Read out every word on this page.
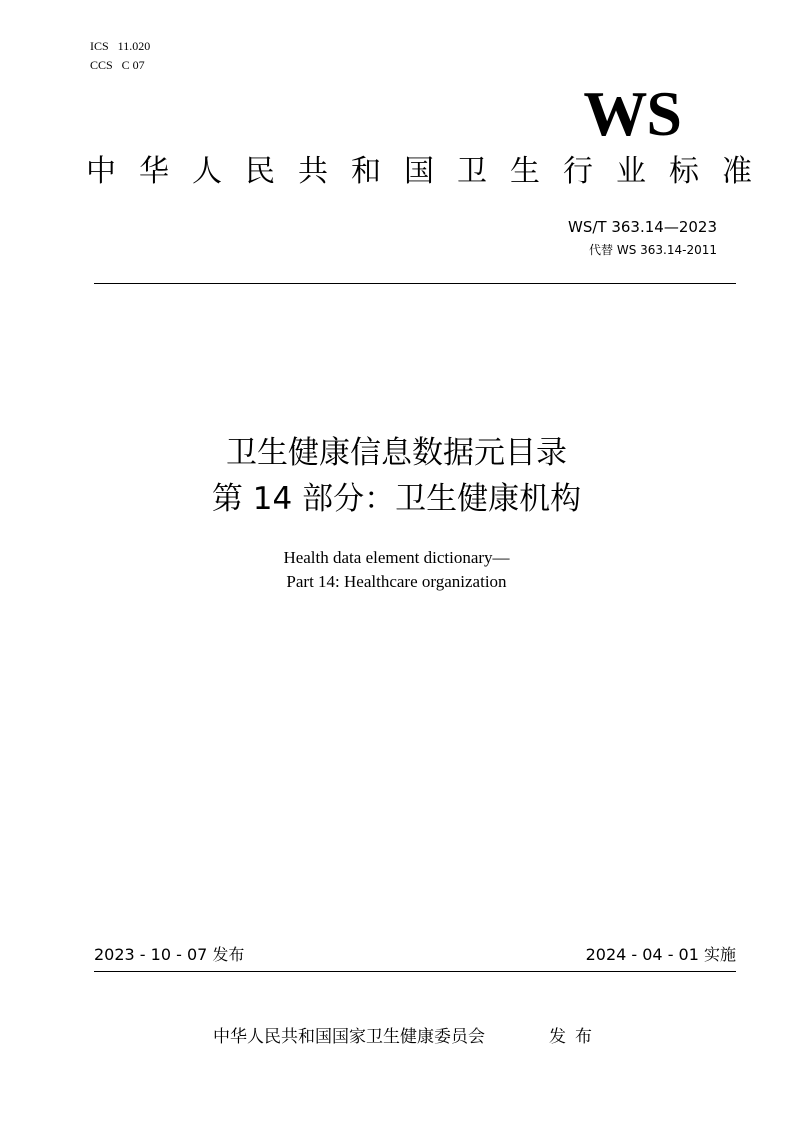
ICS   11.020
CCS   C 07
WS
中华人民共和国卫生行业标准
WS/T 363.14—2023
代替 WS 363.14-2011
卫生健康信息数据元目录
第 14 部分：卫生健康机构
Health data element dictionary—
Part 14: Healthcare organization
2023 - 10 - 07 发布	2024 - 04 - 01 实施
中华人民共和国国家卫生健康委员会	发布
